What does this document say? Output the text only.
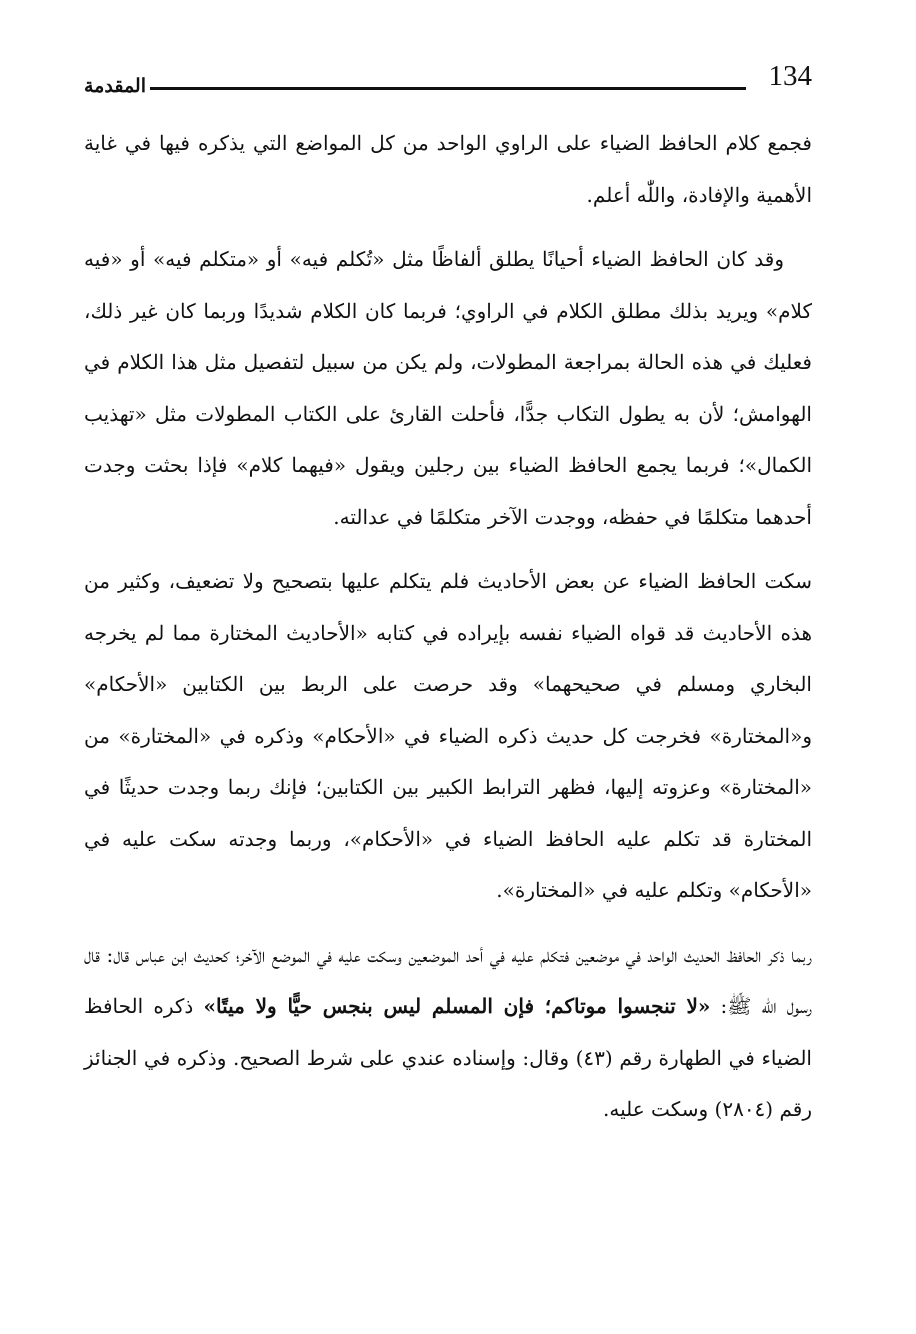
134
المقدمة

فجمع كلام الحافظ الضياء على الراوي الواحد من كل المواضع التي يذكره فيها في غاية الأهمية والإفادة، واللّٰه أعلم.

وقد كان الحافظ الضياء أحيانًا يطلق ألفاظًا مثل «تُكلم فيه» أو «متكلم فيه» أو «فيه كلام» ويريد بذلك مطلق الكلام في الراوي؛ فربما كان الكلام شديدًا وربما كان غير ذلك، فعليك في هذه الحالة بمراجعة المطولات، ولم يكن من سبيل لتفصيل مثل هذا الكلام في الهوامش؛ لأن به يطول التكاب جدًّا، فأحلت القارئ على الكتاب المطولات مثل «تهذيب الكمال»؛ فربما يجمع الحافظ الضياء بين رجلين ويقول «فيهما كلام» فإذا بحثت وجدت أحدهما متكلمًا في حفظه، ووجدت الآخر متكلمًا في عدالته.

سكت الحافظ الضياء عن بعض الأحاديث فلم يتكلم عليها بتصحيح ولا تضعيف، وكثير من هذه الأحاديث قد قواه الضياء نفسه بإيراده في كتابه «الأحاديث المختارة مما لم يخرجه البخاري ومسلم في صحيحهما» وقد حرصت على الربط بين الكتابين «الأحكام» و«المختارة» فخرجت كل حديث ذكره الضياء في «الأحكام» وذكره في «المختارة» من «المختارة» وعزوته إليها، فظهر الترابط الكبير بين الكتابين؛ فإنك ربما وجدت حديثًا في المختارة قد تكلم عليه الحافظ الضياء في «الأحكام»، وربما وجدته سكت عليه في «الأحكام» وتكلم عليه في «المختارة».

ربما ذكر الحافظ الحديث الواحد في موضعين فتكلم عليه في أحد الموضعين وسكت عليه في الموضع الآخر؛ كحديث ابن عباس قال: قال رسول اللّٰه ﷺ: «لا تنجسوا موتاكم؛ فإن المسلم ليس بنجس حيًّا ولا ميتًا» ذكره الحافظ الضياء في الطهارة رقم (٤٣) وقال: وإسناده عندي على شرط الصحيح. وذكره في الجنائز رقم (٢٨٠٤) وسكت عليه.
